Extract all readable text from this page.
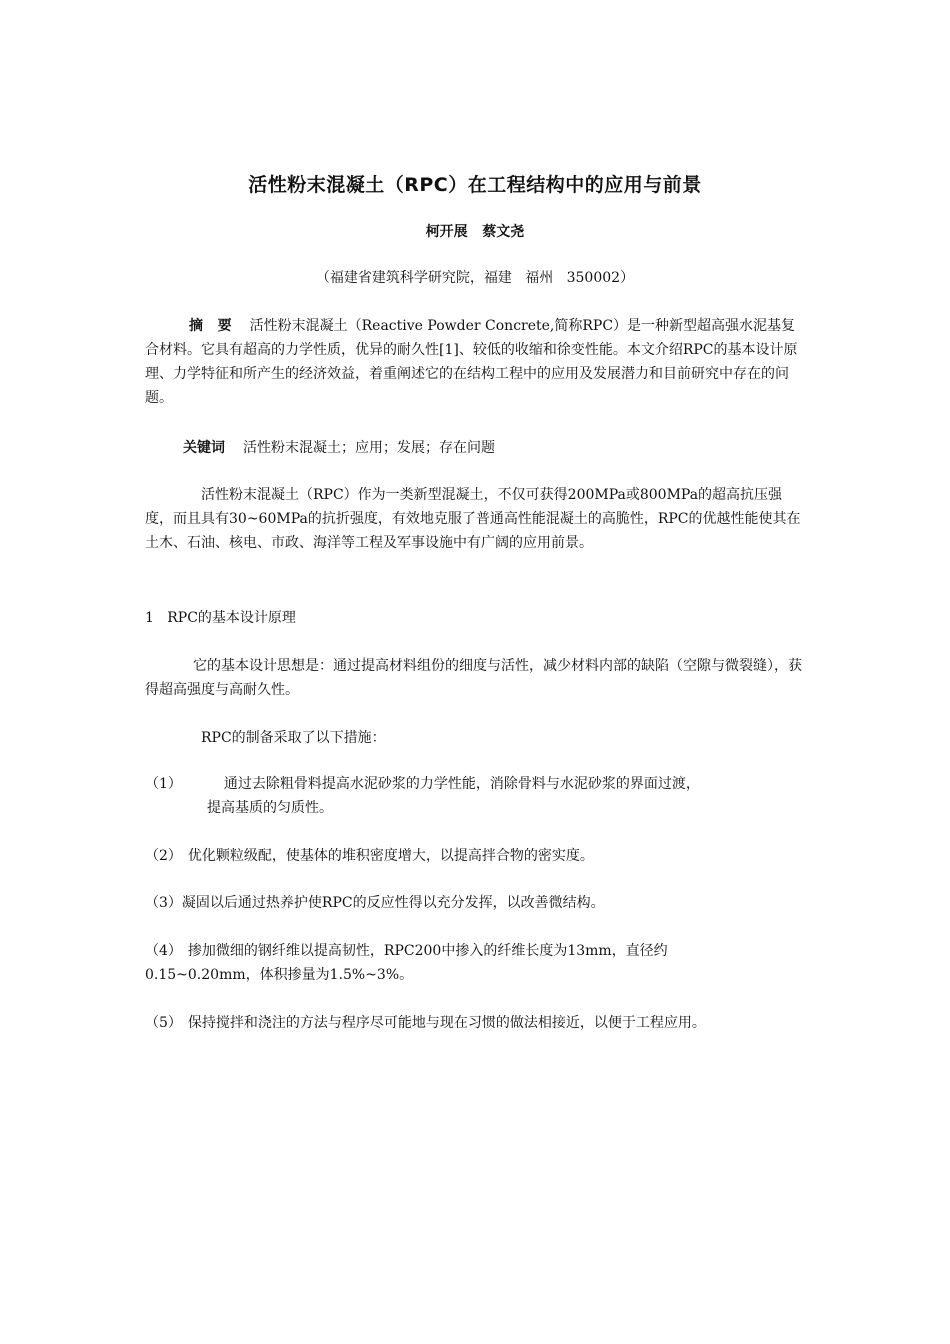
活性粉末混凝土（RPC）在工程结构中的应用与前景
柯开展   蔡文尧
（福建省建筑科学研究院，福建   福州   350002）
摘   要 活性粉末混凝土（Reactive Powder Concrete,简称RPC）是一种新型超高强水泥基复合材料。它具有超高的力学性质，优异的耐久性[1]、较低的收缩和徐变性能。本文介绍RPC的基本设计原理、力学特征和所产生的经济效益，着重阐述它的在结构工程中的应用及发展潜力和目前研究中存在的问题。
关键词 活性粉末混凝土；应用；发展；存在问题
活性粉末混凝土（RPC）作为一类新型混凝土，不仅可获得200MPa或800MPa的超高抗压强度，而且具有30~60MPa的抗折强度，有效地克服了普通高性能混凝土的高脆性，RPC的优越性能使其在土木、石油、核电、市政、海洋等工程及军事设施中有广阔的应用前景。
1   RPC的基本设计原理
它的基本设计思想是：通过提高材料组份的细度与活性，减少材料内部的缺陷（空隙与微裂缝），获得超高强度与高耐久性。
RPC的制备采取了以下措施：
（1）	通过去除粗骨料提高水泥砂浆的力学性能，消除骨料与水泥砂浆的界面过渡，
提高基质的匀质性。
（2） 优化颗粒级配，使基体的堆积密度增大，以提高拌合物的密实度。
（3）凝固以后通过热养护使RPC的反应性得以充分发挥，以改善微结构。
（4） 掺加微细的钢纤维以提高韧性，RPC200中掺入的纤维长度为13mm，直径约
0.15~0.20mm，体积掺量为1.5%~3%。
（5） 保持搅拌和浇注的方法与程序尽可能地与现在习惯的做法相接近，以便于工程应用。
